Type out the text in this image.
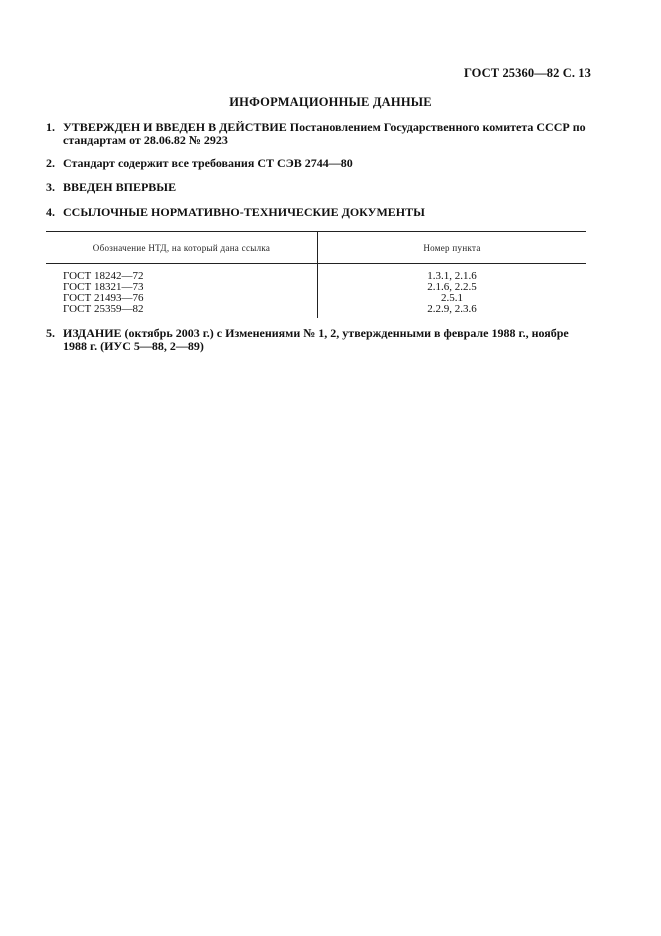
ГОСТ 25360—82 С. 13
ИНФОРМАЦИОННЫЕ ДАННЫЕ
1. УТВЕРЖДЕН И ВВЕДЕН В ДЕЙСТВИЕ Постановлением Государственного комитета СССР по
стандартам от 28.06.82 № 2923
2. Стандарт содержит все требования СТ СЭВ 2744—80
3. ВВЕДЕН ВПЕРВЫЕ
4. ССЫЛОЧНЫЕ НОРМАТИВНО-ТЕХНИЧЕСКИЕ ДОКУМЕНТЫ
Обозначение НТД, на который дана ссылка	Номер пункта
ГОСТ 18242—72	1.3.1, 2.1.6
ГОСТ 18321—73	2.1.6, 2.2.5
ГОСТ 21493—76	2.5.1
ГОСТ 25359—82	2.2.9, 2.3.6
5. ИЗДАНИЕ (октябрь 2003 г.) с Изменениями № 1, 2, утвержденными в феврале 1988 г., ноябре
1988 г. (ИУС 5—88, 2—89)
